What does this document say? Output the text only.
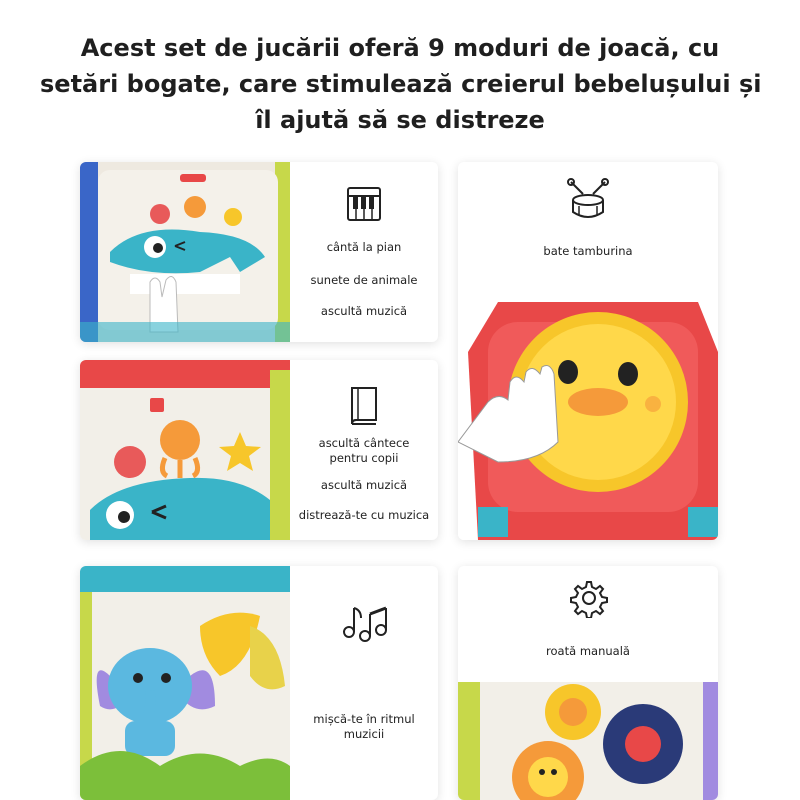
Acest set de jucării oferă 9 moduri de joacă, cu
setări bogate, care stimulează creierul bebelușului și
îl ajută să se distreze
cântă la pian
sunete de animale
ascultă muzică
ascultă cântece
pentru copii
ascultă muzică
distrează-te cu muzica
mișcă-te în ritmul
muzicii
bate tamburina
roată manuală
